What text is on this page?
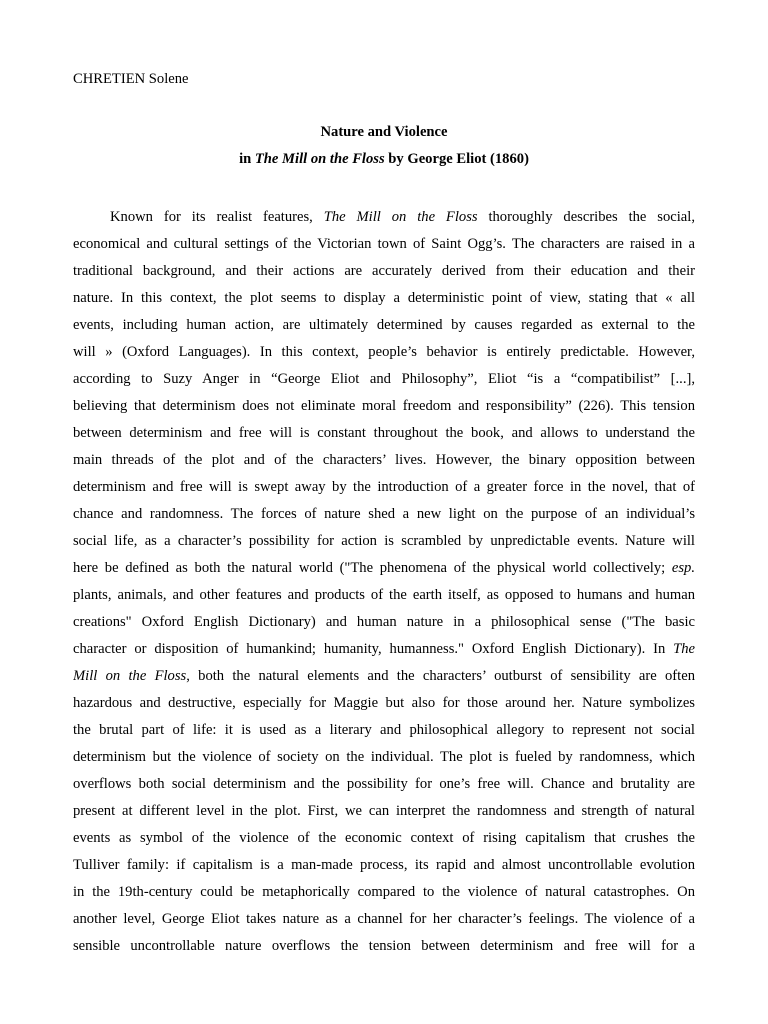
CHRETIEN Solene
Nature and Violence
in The Mill on the Floss by George Eliot (1860)
Known for its realist features, The Mill on the Floss thoroughly describes the social,
economical and cultural settings of the Victorian town of Saint Ogg’s. The characters are raised in a
traditional background, and their actions are accurately derived from their education and their
nature. In this context, the plot seems to display a deterministic point of view, stating that « all
events, including human action, are ultimately determined by causes regarded as external to the
will » (Oxford Languages). In this context, people’s behavior is entirely predictable. However,
according to Suzy Anger in “George Eliot and Philosophy”, Eliot “is a “compatibilist” [...],
believing that determinism does not eliminate moral freedom and responsibility” (226). This tension
between determinism and free will is constant throughout the book, and allows to understand the
main threads of the plot and of the characters’ lives. However, the binary opposition between
determinism and free will is swept away by the introduction of a greater force in the novel, that of
chance and randomness. The forces of nature shed a new light on the purpose of an individual’s
social life, as a character’s possibility for action is scrambled by unpredictable events. Nature will
here be defined as both the natural world ("The phenomena of the physical world collectively; esp.
plants, animals, and other features and products of the earth itself, as opposed to humans and human
creations" Oxford English Dictionary) and human nature in a philosophical sense ("The basic
character or disposition of humankind; humanity, humanness." Oxford English Dictionary). In The
Mill on the Floss, both the natural elements and the characters’ outburst of sensibility are often
hazardous and destructive, especially for Maggie but also for those around her. Nature symbolizes
the brutal part of life: it is used as a literary and philosophical allegory to represent not social
determinism but the violence of society on the individual. The plot is fueled by randomness, which
overflows both social determinism and the possibility for one’s free will. Chance and brutality are
present at different level in the plot. First, we can interpret the randomness and strength of natural
events as symbol of the violence of the economic context of rising capitalism that crushes the
Tulliver family: if capitalism is a man-made process, its rapid and almost uncontrollable evolution
in the 19th-century could be metaphorically compared to the violence of natural catastrophes. On
another level, George Eliot takes nature as a channel for her character’s feelings. The violence of a
sensible uncontrollable nature overflows the tension between determinism and free will for a
